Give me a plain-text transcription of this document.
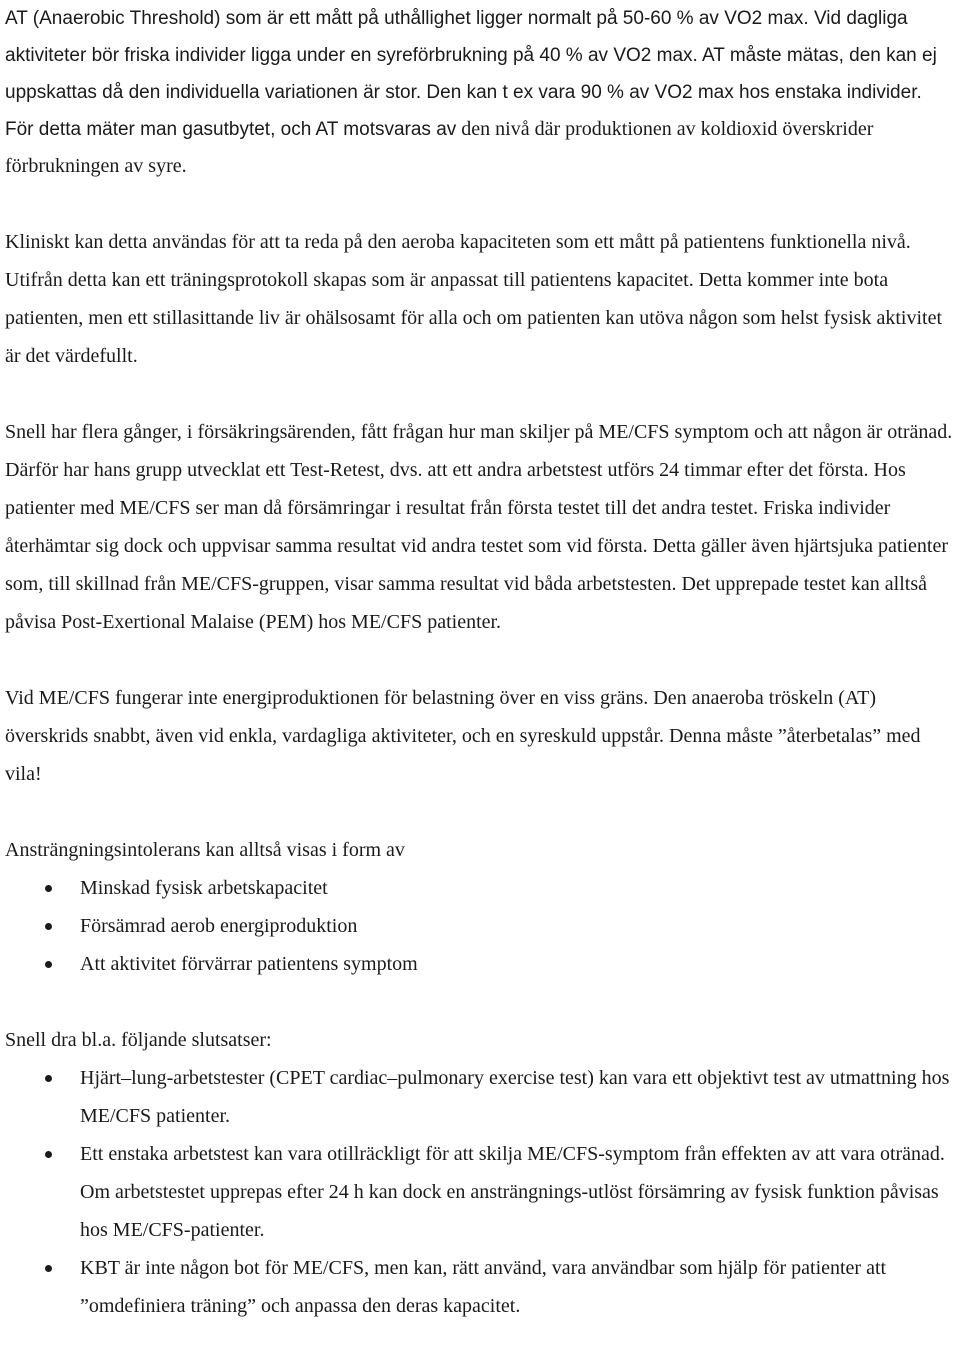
AT (Anaerobic Threshold) som är ett mått på uthållighet ligger normalt på 50-60 % av VO2 max. Vid dagliga aktiviteter bör friska individer ligga under en syreförbrukning på 40 % av VO2 max. AT måste mätas, den kan ej uppskattas då den individuella variationen är stor. Den kan t ex vara 90 % av VO2 max hos enstaka individer. För detta mäter man gasutbytet, och AT motsvaras av den nivå där produktionen av koldioxid överskrider förbrukningen av syre.

Kliniskt kan detta användas för att ta reda på den aeroba kapaciteten som ett mått på patientens funktionella nivå. Utifrån detta kan ett träningsprotokoll skapas som är anpassat till patientens kapacitet. Detta kommer inte bota patienten, men ett stillasittande liv är ohälsosamt för alla och om patienten kan utöva någon som helst fysisk aktivitet är det värdefullt.

Snell har flera gånger, i försäkringsärenden, fått frågan hur man skiljer på ME/CFS symptom och att någon är otränad. Därför har hans grupp utvecklat ett Test-Retest, dvs. att ett andra arbetstest utförs 24 timmar efter det första. Hos patienter med ME/CFS ser man då försämringar i resultat från första testet till det andra testet. Friska individer återhämtar sig dock och uppvisar samma resultat vid andra testet som vid första. Detta gäller även hjärtsjuka patienter som, till skillnad från ME/CFS-gruppen, visar samma resultat vid båda arbetstesten. Det upprepade testet kan alltså påvisa Post-Exertional Malaise (PEM) hos ME/CFS patienter.

Vid ME/CFS fungerar inte energiproduktionen för belastning över en viss gräns. Den anaeroba tröskeln (AT) överskrids snabbt, även vid enkla, vardagliga aktiviteter, och en syreskuld uppstår. Denna måste ”återbetalas” med vila!

Ansträngningsintolerans kan alltså visas i form av

Minskad fysisk arbetskapacitet
Försämrad aerob energiproduktion
Att aktivitet förvärrar patientens symptom

Snell dra bl.a. följande slutsatser:

Hjärt–lung-arbetstester (CPET cardiac–pulmonary exercise test) kan vara ett objektivt test av utmattning hos ME/CFS patienter.
Ett enstaka arbetstest kan vara otillräckligt för att skilja ME/CFS-symptom från effekten av att vara otränad. Om arbetstestet upprepas efter 24 h kan dock en ansträngnings-utlöst försämring av fysisk funktion påvisas hos ME/CFS-patienter.
KBT är inte någon bot för ME/CFS, men kan, rätt använd, vara användbar som hjälp för patienter att ”omdefiniera träning” och anpassa den deras kapacitet.
